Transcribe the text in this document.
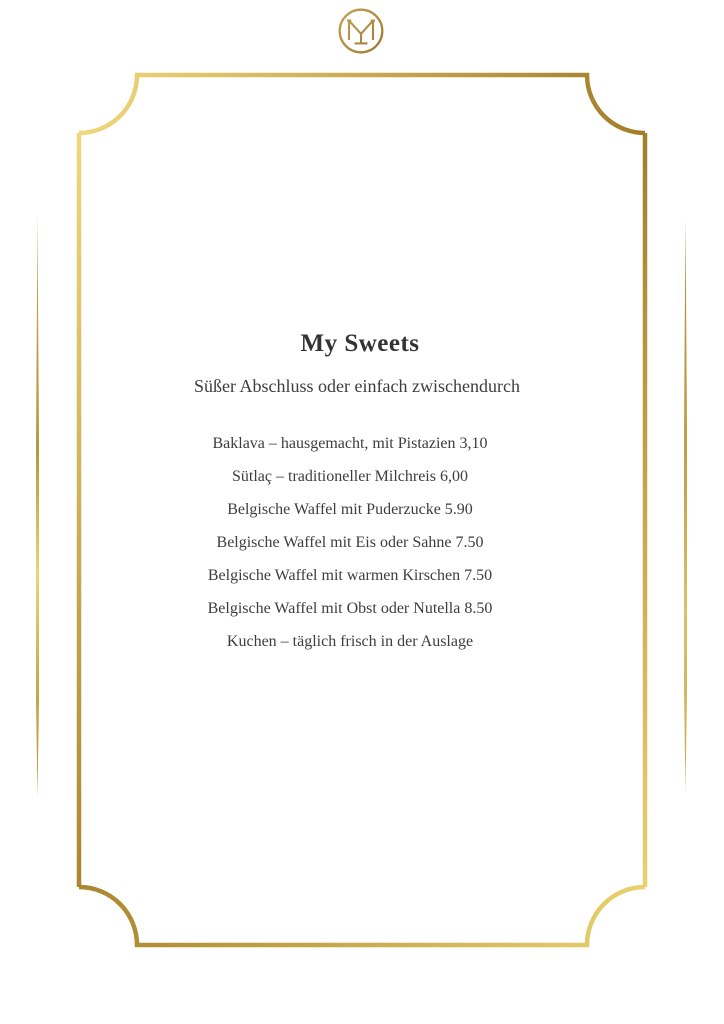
My Sweets
Süßer Abschluss oder einfach zwischendurch

Baklava – hausgemacht, mit Pistazien 3,10

Sütlaç – traditioneller Milchreis 6,00

Belgische Waffel mit Puderzucke 5.90

Belgische Waffel mit Eis oder Sahne 7.50

Belgische Waffel mit warmen Kirschen 7.50

Belgische Waffel mit Obst oder Nutella 8.50

Kuchen – täglich frisch in der Auslage
